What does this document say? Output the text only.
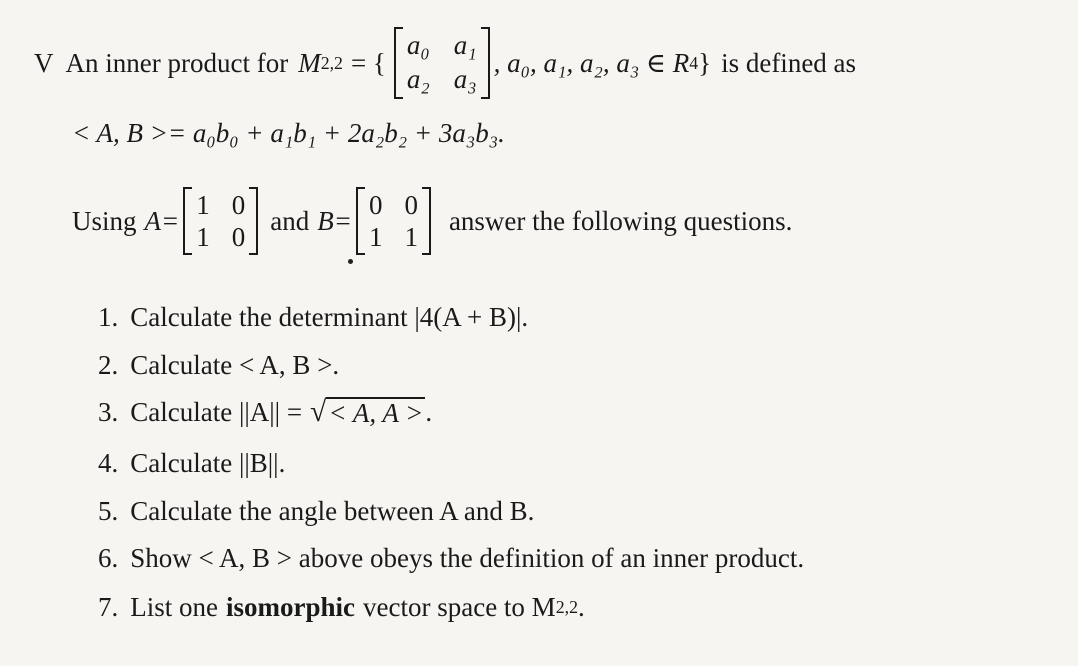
V An inner product for M 2,2 = {
a₀ a₁
a₂ a₃
, a₀, a₁, a₂, a₃ ∈ R 4 } is defined as
< A, B >= a₀b₀ + a₁b₁ + 2a₂b₂ + 3a₃b₃.
Using A=
1 0
1 0
and B=
0 0
1 1
answer the following questions.
1. Calculate the determinant |4(A + B)|.
2. Calculate < A, B >.
3. Calculate ||A|| = √ < A, A > .
4. Calculate ||B||.
5. Calculate the angle between A and B.
6. Show < A, B > above obeys the definition of an inner product.
7. List one isomorphic vector space to M 2,2 .
